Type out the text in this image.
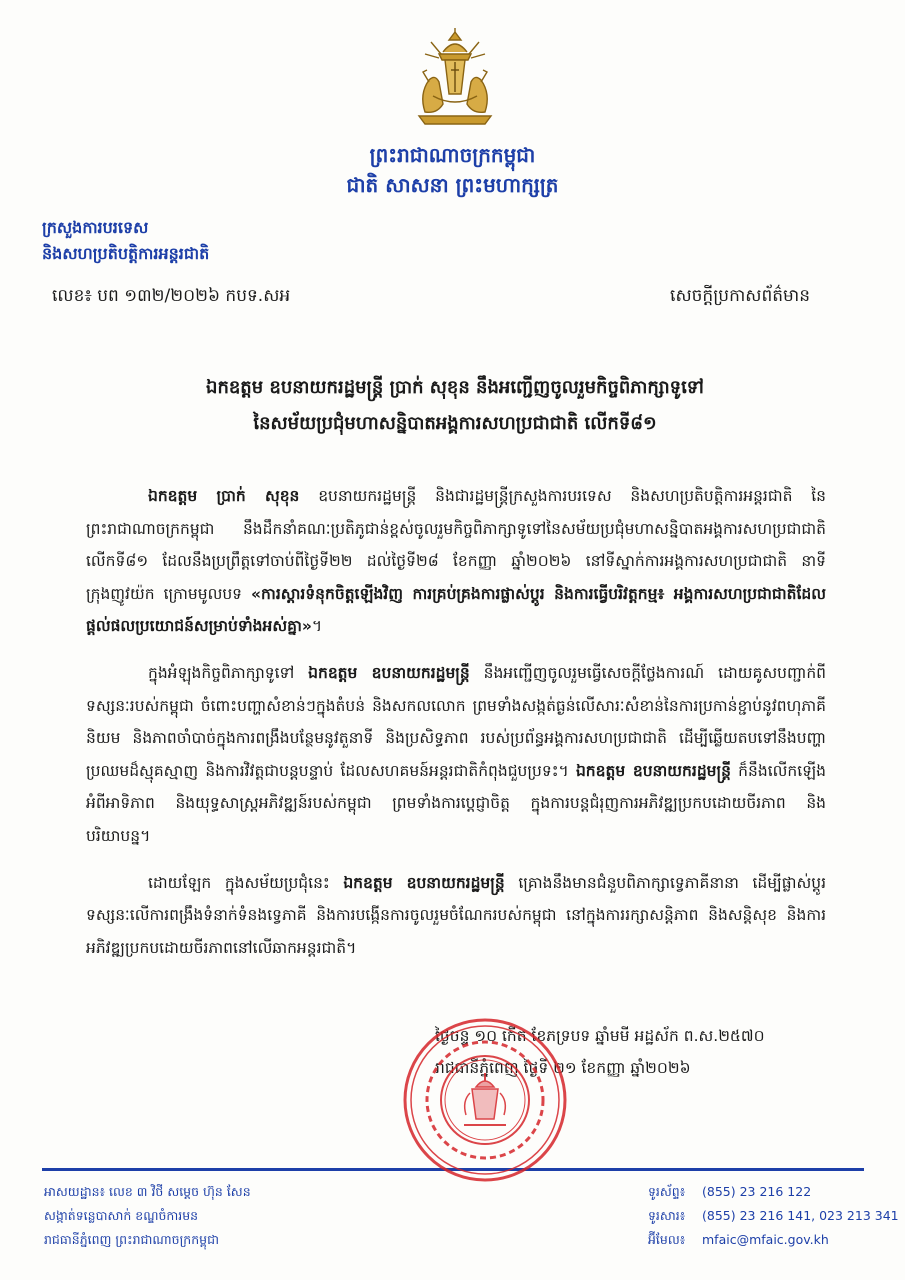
ព្រះរាជាណាចក្រកម្ពុជា
ជាតិ សាសនា ព្រះមហាក្សត្រ
ក្រសួងការបរទេស
និងសហប្រតិបត្តិការអន្តរជាតិ
លេខ៖ បព ១៣២/២០២៦ កបទ.សអ	សេចក្តីប្រកាសព័ត៌មាន
ឯកឧត្តម ឧបនាយករដ្ឋមន្ត្រី ប្រាក់ សុខុន នឹងអញ្ជើញចូលរួមកិច្ចពិភាក្សាទូទៅ
នៃសម័យប្រជុំមហាសន្និបាតអង្គការសហប្រជាជាតិ លើកទី៨១

ឯកឧត្តម ប្រាក់ សុខុន ឧបនាយករដ្ឋមន្ត្រី និងជារដ្ឋមន្ត្រីក្រសួងការបរទេស និងសហប្រតិបត្តិការអន្តរជាតិ នៃព្រះរាជាណាចក្រកម្ពុជា នឹងដឹកនាំគណៈប្រតិភូជាន់ខ្ពស់ចូលរួមកិច្ចពិភាក្សាទូទៅនៃសម័យប្រជុំមហាសន្និបាតអង្គការសហប្រជាជាតិលើកទី៨១ ដែលនឹងប្រព្រឹត្តទៅចាប់ពីថ្ងៃទី២២ ដល់ថ្ងៃទី២៨ ខែកញ្ញា ឆ្នាំ២០២៦ នៅទីស្នាក់ការអង្គការសហប្រជាជាតិ នាទីក្រុងញូវយ៉ក ក្រោមមូលបទ «ការស្តារទំនុកចិត្តឡើងវិញ ការគ្រប់គ្រងការផ្លាស់ប្តូរ និងការធ្វើបរិវត្តកម្ម៖ អង្គការសហប្រជាជាតិដែលផ្តល់ផលប្រយោជន៍សម្រាប់ទាំងអស់គ្នា»។

ក្នុងអំឡុងកិច្ចពិភាក្សាទូទៅ ឯកឧត្តម ឧបនាយករដ្ឋមន្ត្រី នឹងអញ្ជើញចូលរួមធ្វើសេចក្តីថ្លែងការណ៍ ដោយគូសបញ្ជាក់ពីទស្សនៈរបស់កម្ពុជា ចំពោះបញ្ហាសំខាន់ៗក្នុងតំបន់ និងសកលលោក ព្រមទាំងសង្កត់ធ្ងន់លើសារៈសំខាន់នៃការប្រកាន់ខ្ជាប់នូវពហុភាគីនិយម និងភាពចាំបាច់ក្នុងការពង្រឹងបន្ថែមនូវតួនាទី និងប្រសិទ្ធភាព របស់ប្រព័ន្ធអង្គការសហប្រជាជាតិ ដើម្បីឆ្លើយតបទៅនឹងបញ្ហាប្រឈមដ៏ស្មុគស្មាញ និងការវិវត្តជាបន្តបន្ទាប់ ដែលសហគមន៍អន្តរជាតិកំពុងជួបប្រទះ។ ឯកឧត្តម ឧបនាយករដ្ឋមន្ត្រី ក៏នឹងលើកឡើងអំពីអាទិភាព និងយុទ្ធសាស្ត្រអភិវឌ្ឍន៍របស់កម្ពុជា ព្រមទាំងការប្តេជ្ញាចិត្ត ក្នុងការបន្តជំរុញការអភិវឌ្ឍប្រកបដោយចីរភាព និងបរិយាបន្ន។

ដោយឡែក ក្នុងសម័យប្រជុំនេះ ឯកឧត្តម ឧបនាយករដ្ឋមន្ត្រី គ្រោងនឹងមានជំនួបពិភាក្សាទ្វេភាគីនានា ដើម្បីផ្លាស់ប្តូរទស្សនៈលើការពង្រឹងទំនាក់ទំនងទ្វេភាគី និងការបង្កើនការចូលរួមចំណែករបស់កម្ពុជា នៅក្នុងការរក្សាសន្តិភាព និងសន្តិសុខ និងការអភិវឌ្ឍប្រកបដោយចីរភាពនៅលើឆាកអន្តរជាតិ។

ថ្ងៃចន្ទ ១០ កើត ខែភទ្របទ ឆ្នាំមមី អដ្ឋស័ក ព.ស.២៥៧០
រាជធានីភ្នំពេញ ថ្ងៃទី ២១ ខែកញ្ញា ឆ្នាំ២០២៦
អាសយដ្ឋាន៖ លេខ ៣ វិថី សម្តេច ហ៊ុន សែន
សង្កាត់ទន្លេបាសាក់ ខណ្ឌចំការមន
រាជធានីភ្នំពេញ ព្រះរាជាណាចក្រកម្ពុជា
ទូរស័ព្ទ៖ (855) 23 216 122
ទូរសារ៖ (855) 23 216 141, 023 213 341
អ៊ីមែល៖ mfaic@mfaic.gov.kh
